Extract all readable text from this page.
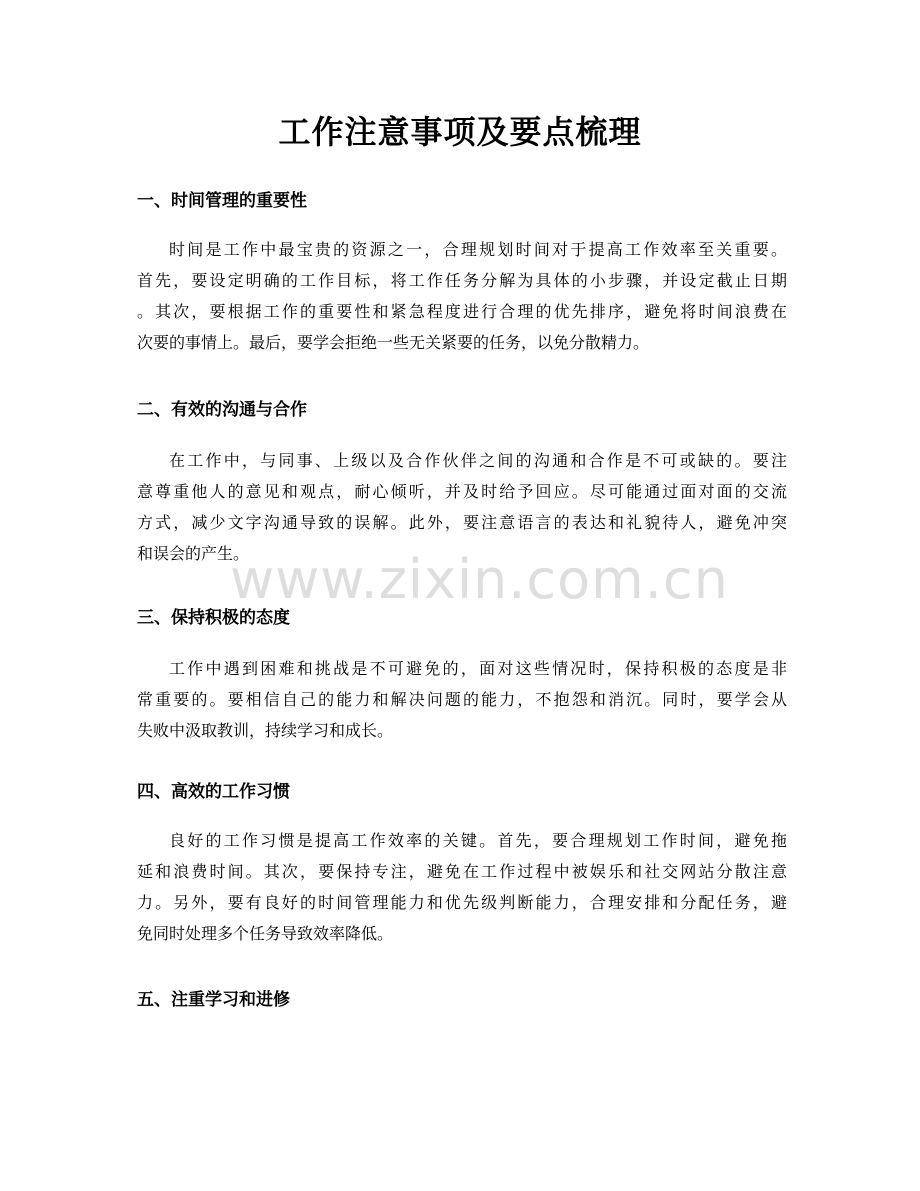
工作注意事项及要点梳理
一、时间管理的重要性
时间是工作中最宝贵的资源之一，合理规划时间对于提高工作效率至关重要。
首先，要设定明确的工作目标，将工作任务分解为具体的小步骤，并设定截止日期
。其次，要根据工作的重要性和紧急程度进行合理的优先排序，避免将时间浪费在
次要的事情上。最后，要学会拒绝一些无关紧要的任务，以免分散精力。
二、有效的沟通与合作
在工作中，与同事、上级以及合作伙伴之间的沟通和合作是不可或缺的。要注
意尊重他人的意见和观点，耐心倾听，并及时给予回应。尽可能通过面对面的交流
方式，减少文字沟通导致的误解。此外，要注意语言的表达和礼貌待人，避免冲突
和误会的产生。
三、保持积极的态度
工作中遇到困难和挑战是不可避免的，面对这些情况时，保持积极的态度是非
常重要的。要相信自己的能力和解决问题的能力，不抱怨和消沉。同时，要学会从
失败中汲取教训，持续学习和成长。
四、高效的工作习惯
良好的工作习惯是提高工作效率的关键。首先，要合理规划工作时间，避免拖
延和浪费时间。其次，要保持专注，避免在工作过程中被娱乐和社交网站分散注意
力。另外，要有良好的时间管理能力和优先级判断能力，合理安排和分配任务，避
免同时处理多个任务导致效率降低。
五、注重学习和进修
www.zixin.com.cn
